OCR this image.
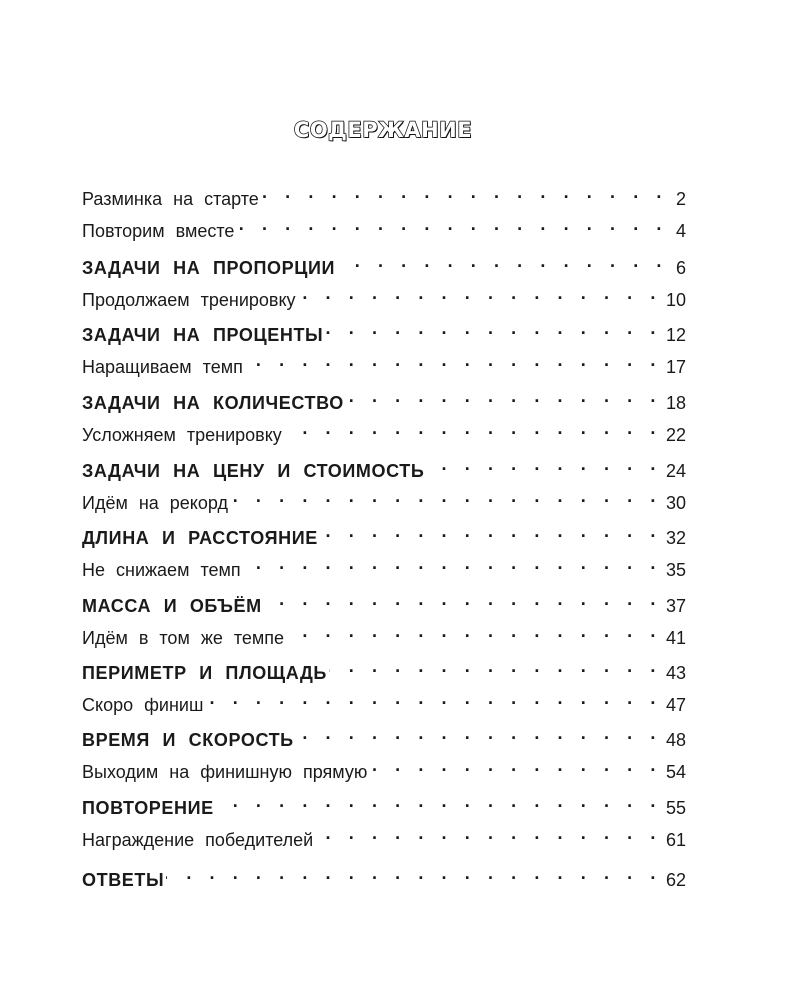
СОДЕРЖАНИЕ
Разминка на старте . . .	2
Повторим вместе . . .	4
ЗАДАЧИ НА ПРОПОРЦИИ . . .	6
Продолжаем тренировку . . .	10
ЗАДАЧИ НА ПРОЦЕНТЫ . . .	12
Наращиваем темп . . .	17
ЗАДАЧИ НА КОЛИЧЕСТВО . . .	18
Усложняем тренировку . . .	22
ЗАДАЧИ НА ЦЕНУ И СТОИМОСТЬ . . .	24
Идём на рекорд . . .	30
ДЛИНА И РАССТОЯНИЕ . . .	32
Не снижаем темп . . .	35
МАССА И ОБЪЁМ . . .	37
Идём в том же темпе . . .	41
ПЕРИМЕТР И ПЛОЩАДЬ . . .	43
Скоро финиш . . .	47
ВРЕМЯ И СКОРОСТЬ . . .	48
Выходим на финишную прямую . . .	54
ПОВТОРЕНИЕ . . .	55
Награждение победителей . . .	61
ОТВЕТЫ . . .	62
